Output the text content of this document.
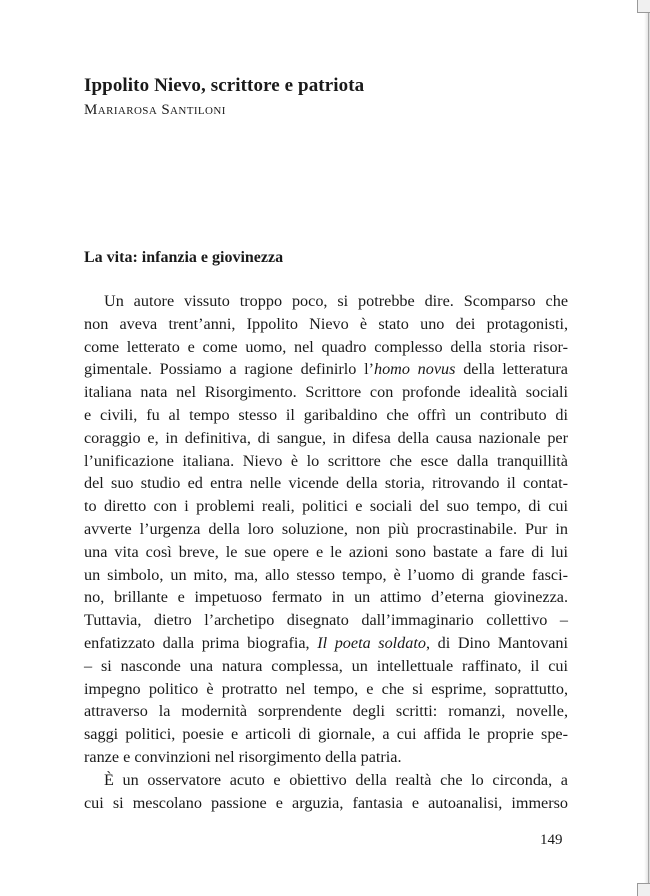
Ippolito Nievo, scrittore e patriota
Mariarosa Santiloni
La vita: infanzia e giovinezza
Un autore vissuto troppo poco, si potrebbe dire. Scomparso che
non aveva trent’anni, Ippolito Nievo è stato uno dei protagonisti,
come letterato e come uomo, nel quadro complesso della storia risor-
gimentale. Possiamo a ragione definirlo l’homo novus della letteratura
italiana nata nel Risorgimento. Scrittore con profonde idealità sociali
e civili, fu al tempo stesso il garibaldino che offrì un contributo di
coraggio e, in definitiva, di sangue, in difesa della causa nazionale per
l’unificazione italiana. Nievo è lo scrittore che esce dalla tranquillità
del suo studio ed entra nelle vicende della storia, ritrovando il contat-
to diretto con i problemi reali, politici e sociali del suo tempo, di cui
avverte l’urgenza della loro soluzione, non più procrastinabile. Pur in
una vita così breve, le sue opere e le azioni sono bastate a fare di lui
un simbolo, un mito, ma, allo stesso tempo, è l’uomo di grande fasci-
no, brillante e impetuoso fermato in un attimo d’eterna giovinezza.
Tuttavia, dietro l’archetipo disegnato dall’immaginario collettivo –
enfatizzato dalla prima biografia, Il poeta soldato, di Dino Mantovani
– si nasconde una natura complessa, un intellettuale raffinato, il cui
impegno politico è protratto nel tempo, e che si esprime, soprattutto,
attraverso la modernità sorprendente degli scritti: romanzi, novelle,
saggi politici, poesie e articoli di giornale, a cui affida le proprie spe-
ranze e convinzioni nel risorgimento della patria.
È un osservatore acuto e obiettivo della realtà che lo circonda, a
cui si mescolano passione e arguzia, fantasia e autoanalisi, immerso
149
